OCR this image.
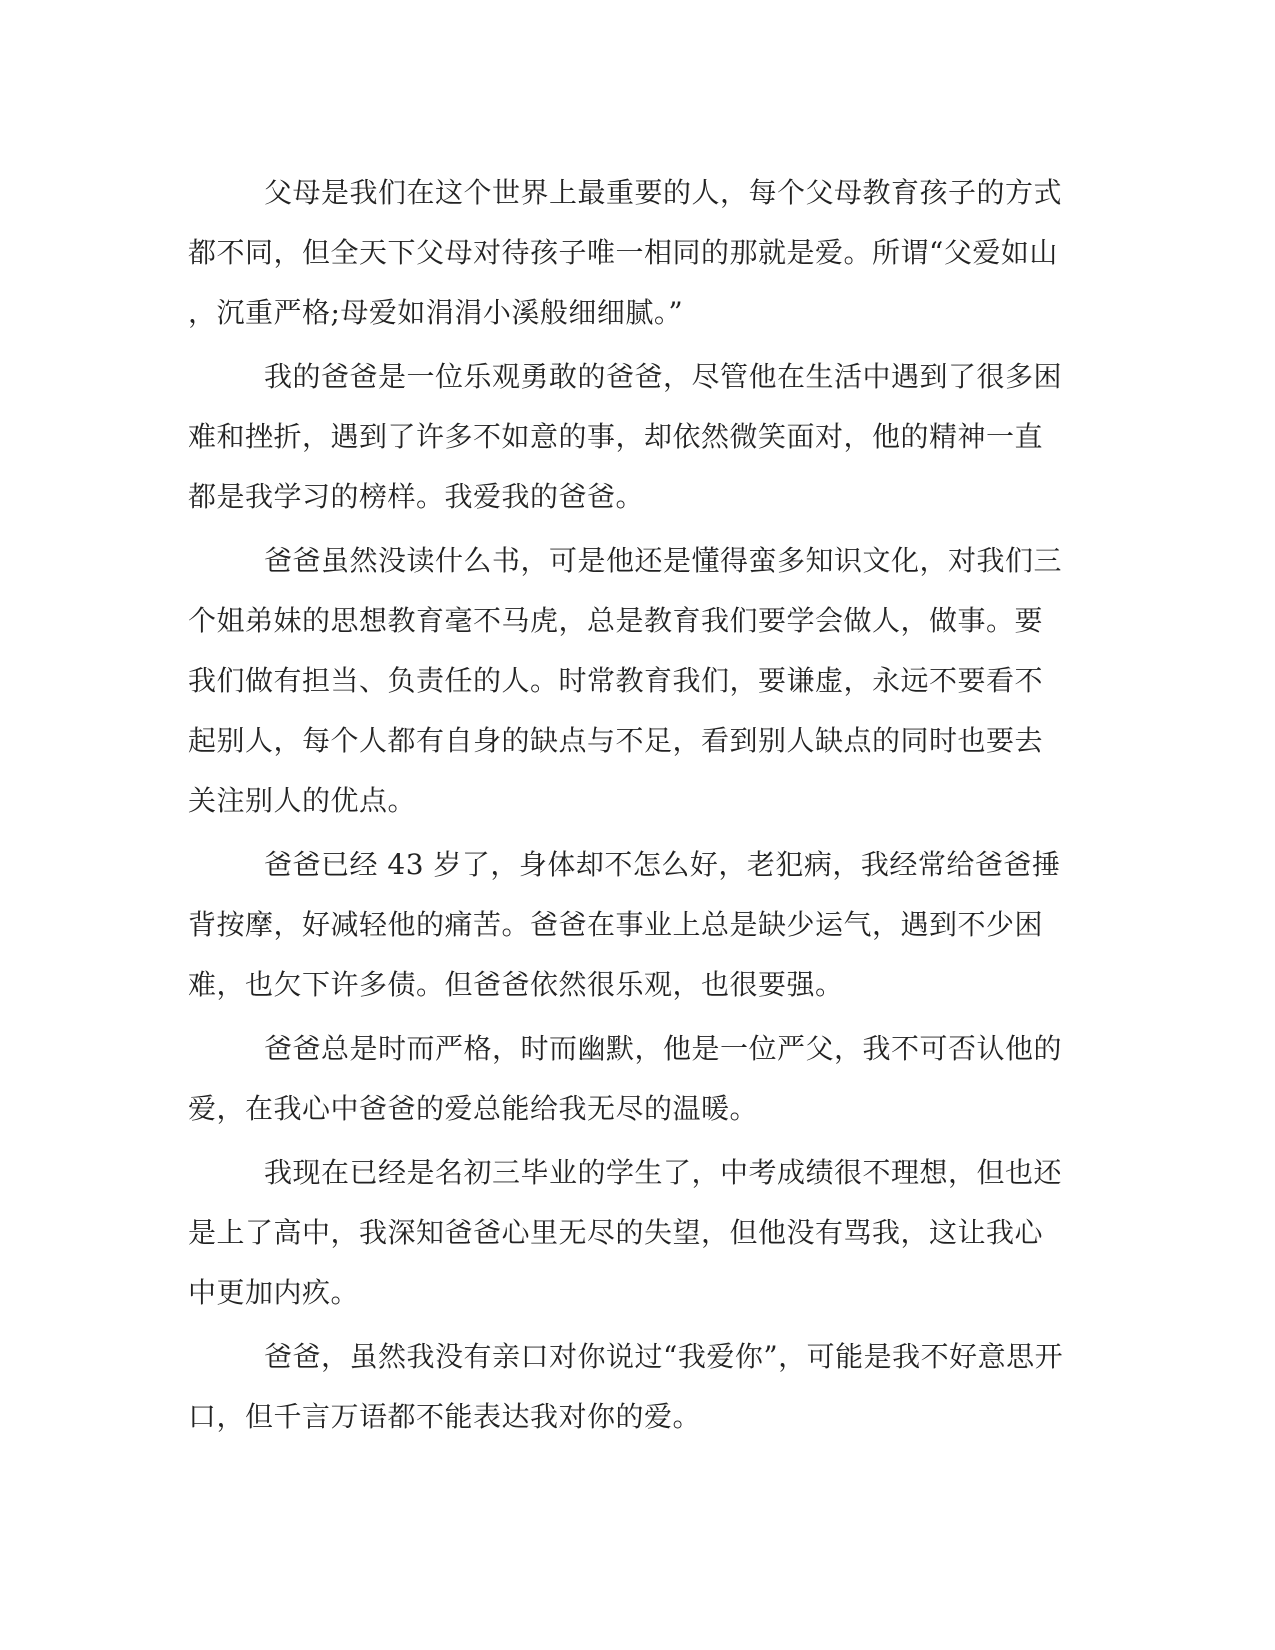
父母是我们在这个世界上最重要的人，每个父母教育孩子的方式
都不同，但全天下父母对待孩子唯一相同的那就是爱。所谓“父爱如山
，沉重严格;母爱如涓涓小溪般细细腻。”

我的爸爸是一位乐观勇敢的爸爸，尽管他在生活中遇到了很多困
难和挫折，遇到了许多不如意的事，却依然微笑面对，他的精神一直
都是我学习的榜样。我爱我的爸爸。

爸爸虽然没读什么书，可是他还是懂得蛮多知识文化，对我们三
个姐弟妹的思想教育毫不马虎，总是教育我们要学会做人，做事。要
我们做有担当、负责任的人。时常教育我们，要谦虚，永远不要看不
起别人，每个人都有自身的缺点与不足，看到别人缺点的同时也要去
关注别人的优点。

爸爸已经 43 岁了，身体却不怎么好，老犯病，我经常给爸爸捶
背按摩，好减轻他的痛苦。爸爸在事业上总是缺少运气，遇到不少困
难，也欠下许多债。但爸爸依然很乐观，也很要强。

爸爸总是时而严格，时而幽默，他是一位严父，我不可否认他的
爱，在我心中爸爸的爱总能给我无尽的温暖。

我现在已经是名初三毕业的学生了，中考成绩很不理想，但也还
是上了高中，我深知爸爸心里无尽的失望，但他没有骂我，这让我心
中更加内疚。

爸爸，虽然我没有亲口对你说过“我爱你”，可能是我不好意思开
口，但千言万语都不能表达我对你的爱。
